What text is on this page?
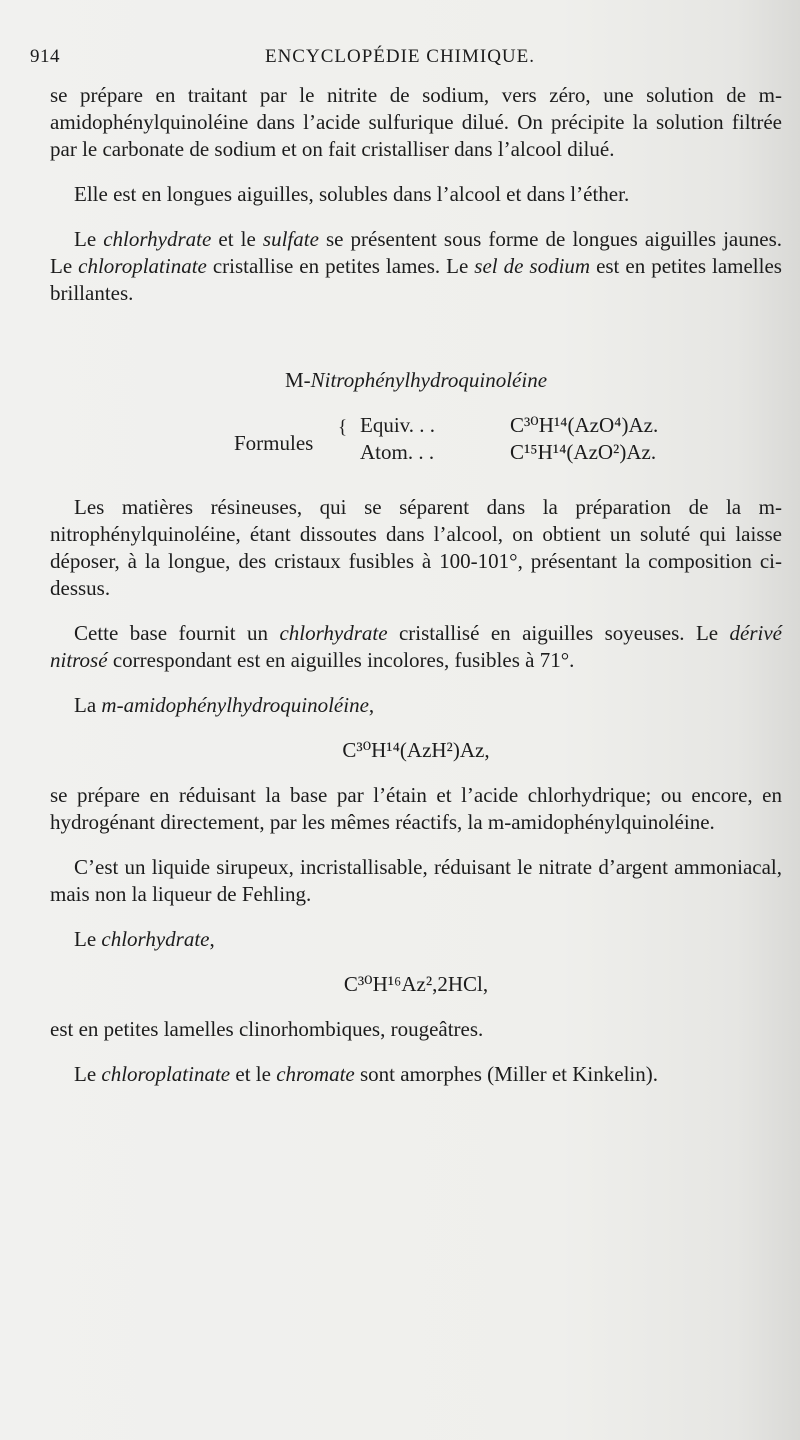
914	ENCYCLOPÉDIE CHIMIQUE.

se prépare en traitant par le nitrite de sodium, vers zéro, une solution de m-amidophénylquinoléine dans l’acide sulfurique dilué. On précipite la solution filtrée par le carbonate de sodium et on fait cristalliser dans l’alcool dilué.

Elle est en longues aiguilles, solubles dans l’alcool et dans l’éther.

Le chlorhydrate et le sulfate se présentent sous forme de longues aiguilles jaunes. Le chloroplatinate cristallise en petites lames. Le sel de sodium est en petites lamelles brillantes.

M-Nitrophénylhydroquinoléine

Formules
{ Equiv. . .	C³⁰H¹⁴(AzO⁴)Az.
Atom. . .	C¹⁵H¹⁴(AzO²)Az.

Les matières résineuses, qui se séparent dans la préparation de la m-nitrophénylquinoléine, étant dissoutes dans l’alcool, on obtient un soluté qui laisse déposer, à la longue, des cristaux fusibles à 100-101°, présentant la composition ci-dessus.

Cette base fournit un chlorhydrate cristallisé en aiguilles soyeuses. Le dérivé nitrosé correspondant est en aiguilles incolores, fusibles à 71°.

La m-amidophénylhydroquinoléine,

C³⁰H¹⁴(AzH²)Az,

se prépare en réduisant la base par l’étain et l’acide chlorhydrique; ou encore, en hydrogénant directement, par les mêmes réactifs, la m-amidophénylquinoléine.

C’est un liquide sirupeux, incristallisable, réduisant le nitrate d’argent ammoniacal, mais non la liqueur de Fehling.

Le chlorhydrate,

C³⁰H¹⁶Az²,2HCl,

est en petites lamelles clinorhombiques, rougeâtres.

Le chloroplatinate et le chromate sont amorphes (Miller et Kinkelin).
